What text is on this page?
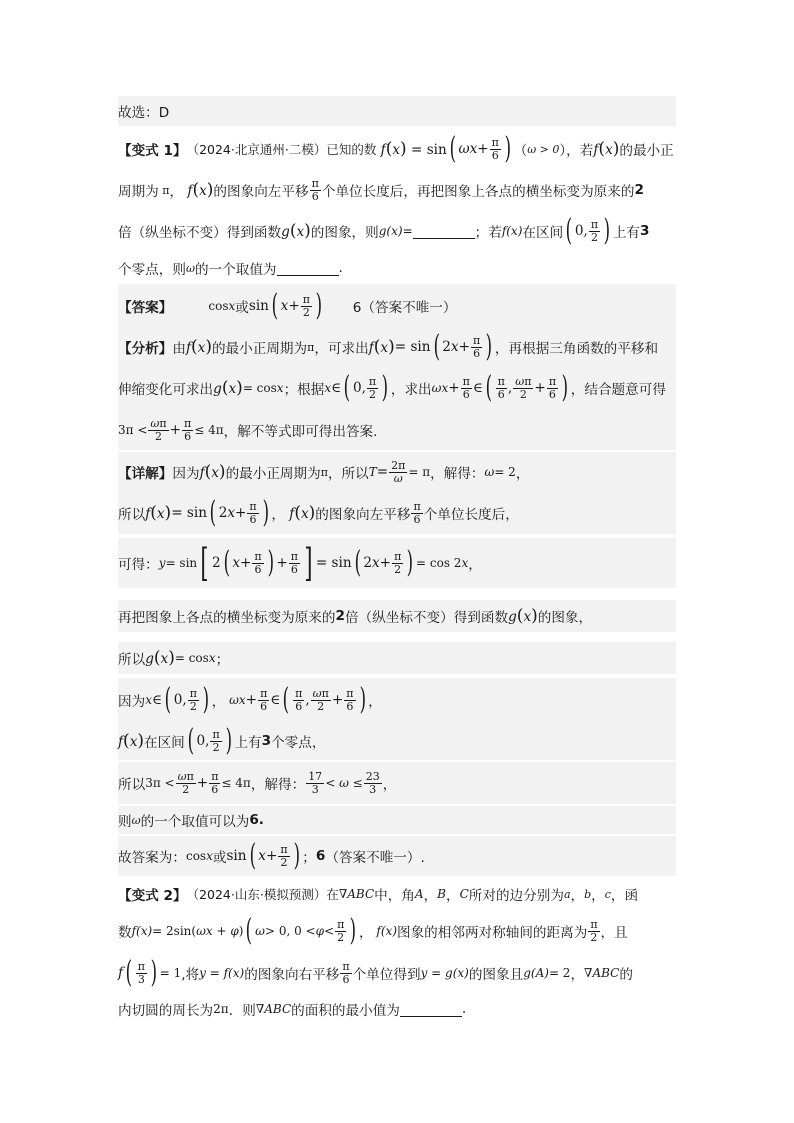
故选：D
【变式 1】 （2024·北京通州·二模）已知的数 f(x) = sin ( $\omega x + \frac{\pi}{6}$ ) （ ω > 0 ），若 f(x) 的最小正
周期为 π ， f(x) 的图象向左平移 $\frac{\pi}{6}$ 个单位长度后，再把图象上各点的横坐标变为原来的 2
倍（纵坐标不变）得到函数 g(x) 的图象，则 g(x) =	；若 f(x) 在区间 ( 0, $\frac{\pi}{2}$ ) 上有 3
个零点，则 ω 的一个取值为	.
【答案】	cos x 或 sin ( $x + \frac{\pi}{2}$ ) 6（答案不唯一）
【分析】 由 f(x) 的最小正周期为 π ，可求出 f(x) = sin ( 2 $x + \frac{\pi}{6}$ ) ，再根据三角函数的平移和
伸缩变化可求出 g(x) = cos x ；根据 x ∈ ( 0, $\frac{\pi}{2}$ ) ，求出 $\omega x + \frac{\pi}{6}$ ∈ ( $\frac{\pi}{6}$ , $\frac{\omega\pi}{2} + \frac{\pi}{6}$ ) ，结合题意可得
$3\pi < \frac{\omega\pi}{2} + \frac{\pi}{6} \le 4\pi$ ，解不等式即可得出答案.
【详解】 因为 f(x) 的最小正周期为 π ，所以 $T = \frac{2\pi}{\omega} = \pi$ ，解得： ω = 2 ，
所以 f(x) = sin ( 2 $x + \frac{\pi}{6}$ ) ， f(x) 的图象向左平移 $\frac{\pi}{6}$ 个单位长度后，
可得： y = sin [ 2 ( $x + \frac{\pi}{6}$ ) + $\frac{\pi}{6}$ ] = sin ( 2 $x + \frac{\pi}{2}$ ) = cos 2 x ，
再把图象上各点的横坐标变为原来的 2 倍（纵坐标不变）得到函数 g(x) 的图象，
所以 g(x) = cos x ；
因为 x ∈ ( 0, $\frac{\pi}{2}$ ) ， $\omega x + \frac{\pi}{6}$ ∈ ( $\frac{\pi}{6}$ , $\frac{\omega\pi}{2} + \frac{\pi}{6}$ ) ，
f(x) 在区间 ( 0, $\frac{\pi}{2}$ ) 上有 3 个零点，
所以 $3\pi < \frac{\omega\pi}{2} + \frac{\pi}{6} \le 4\pi$ ，解得： $\frac{17}{3} < \omega \le \frac{23}{3}$ ，
则 ω 的一个取值可以为 6.
故答案为： cos x 或 sin ( $x + \frac{\pi}{2}$ ) ； 6 （答案不唯一）.
【变式 2】 （2024·山东·模拟预测）在 ∇ ABC 中，角 A ， B ， C 所对的边分别为 a ， b ， c ，函
数 f(x) = 2sin(ωx + φ) ( ω > 0, $0 < \varphi < \frac{\pi}{2}$ ) ， f(x) 图象的相邻两对称轴间的距离为 $\frac{\pi}{2}$ ，且
f ( $\frac{\pi}{3}$ ) = 1 ,将 y = f(x) 的图象向右平移 $\frac{\pi}{6}$ 个单位得到 y = g(x) 的图象且 g(A) = 2 ， ∇ ABC 的
内切圆的周长为 2π ．则 ∇ ABC 的面积的最小值为	.
